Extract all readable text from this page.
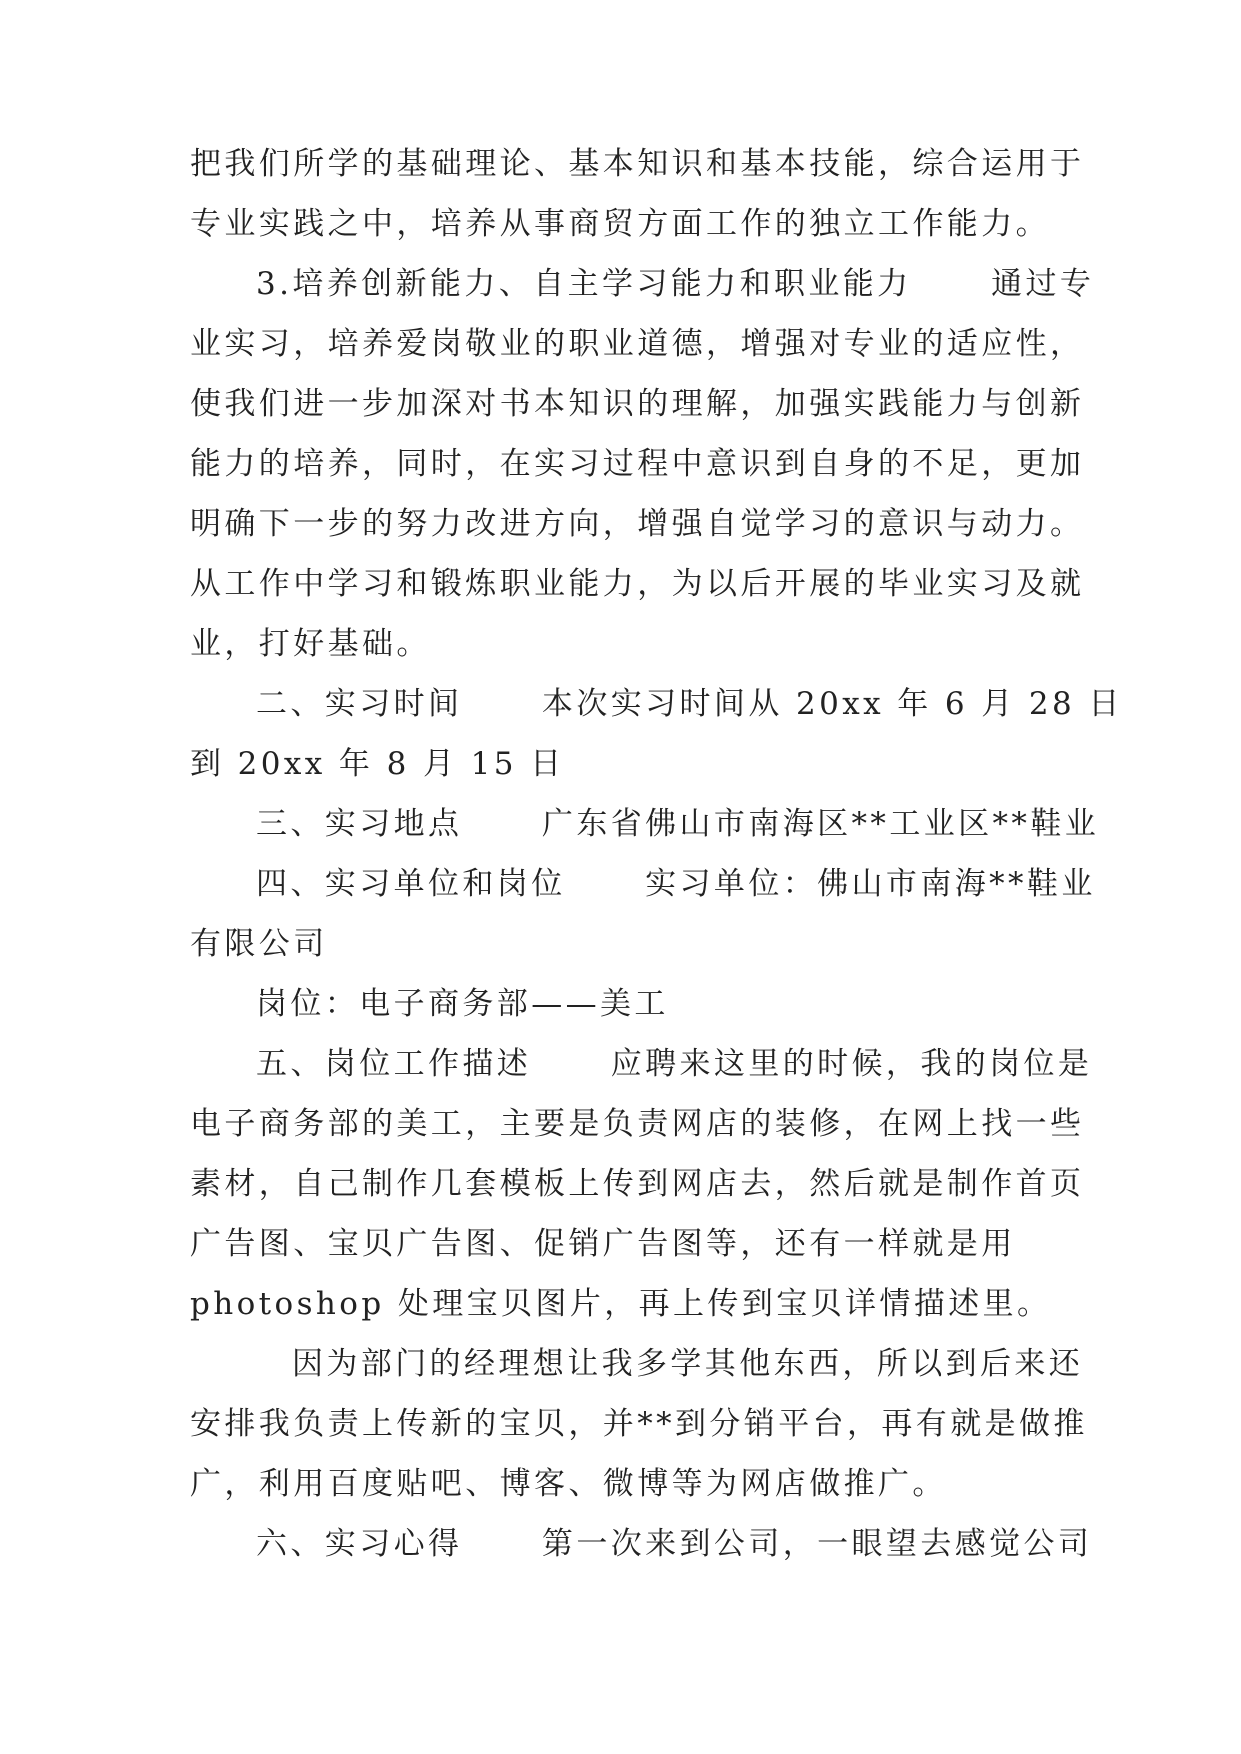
把我们所学的基础理论、基本知识和基本技能，综合运用于
专业实践之中，培养从事商贸方面工作的独立工作能力。
3.培养创新能力、自主学习能力和职业能力      通过专
业实习，培养爱岗敬业的职业道德，增强对专业的适应性，
使我们进一步加深对书本知识的理解，加强实践能力与创新
能力的培养，同时，在实习过程中意识到自身的不足，更加
明确下一步的努力改进方向，增强自觉学习的意识与动力。
从工作中学习和锻炼职业能力，为以后开展的毕业实习及就
业，打好基础。
二、实习时间      本次实习时间从 20xx 年 6 月 28 日
到 20xx 年 8 月 15 日
三、实习地点      广东省佛山市南海区**工业区**鞋业
四、实习单位和岗位      实习单位：佛山市南海**鞋业
有限公司
岗位：电子商务部——美工
五、岗位工作描述      应聘来这里的时候，我的岗位是
电子商务部的美工，主要是负责网店的装修，在网上找一些
素材，自己制作几套模板上传到网店去，然后就是制作首页
广告图、宝贝广告图、促销广告图等，还有一样就是用
photoshop 处理宝贝图片，再上传到宝贝详情描述里。
因为部门的经理想让我多学其他东西，所以到后来还
安排我负责上传新的宝贝，并**到分销平台，再有就是做推
广，利用百度贴吧、博客、微博等为网店做推广。
六、实习心得      第一次来到公司，一眼望去感觉公司
